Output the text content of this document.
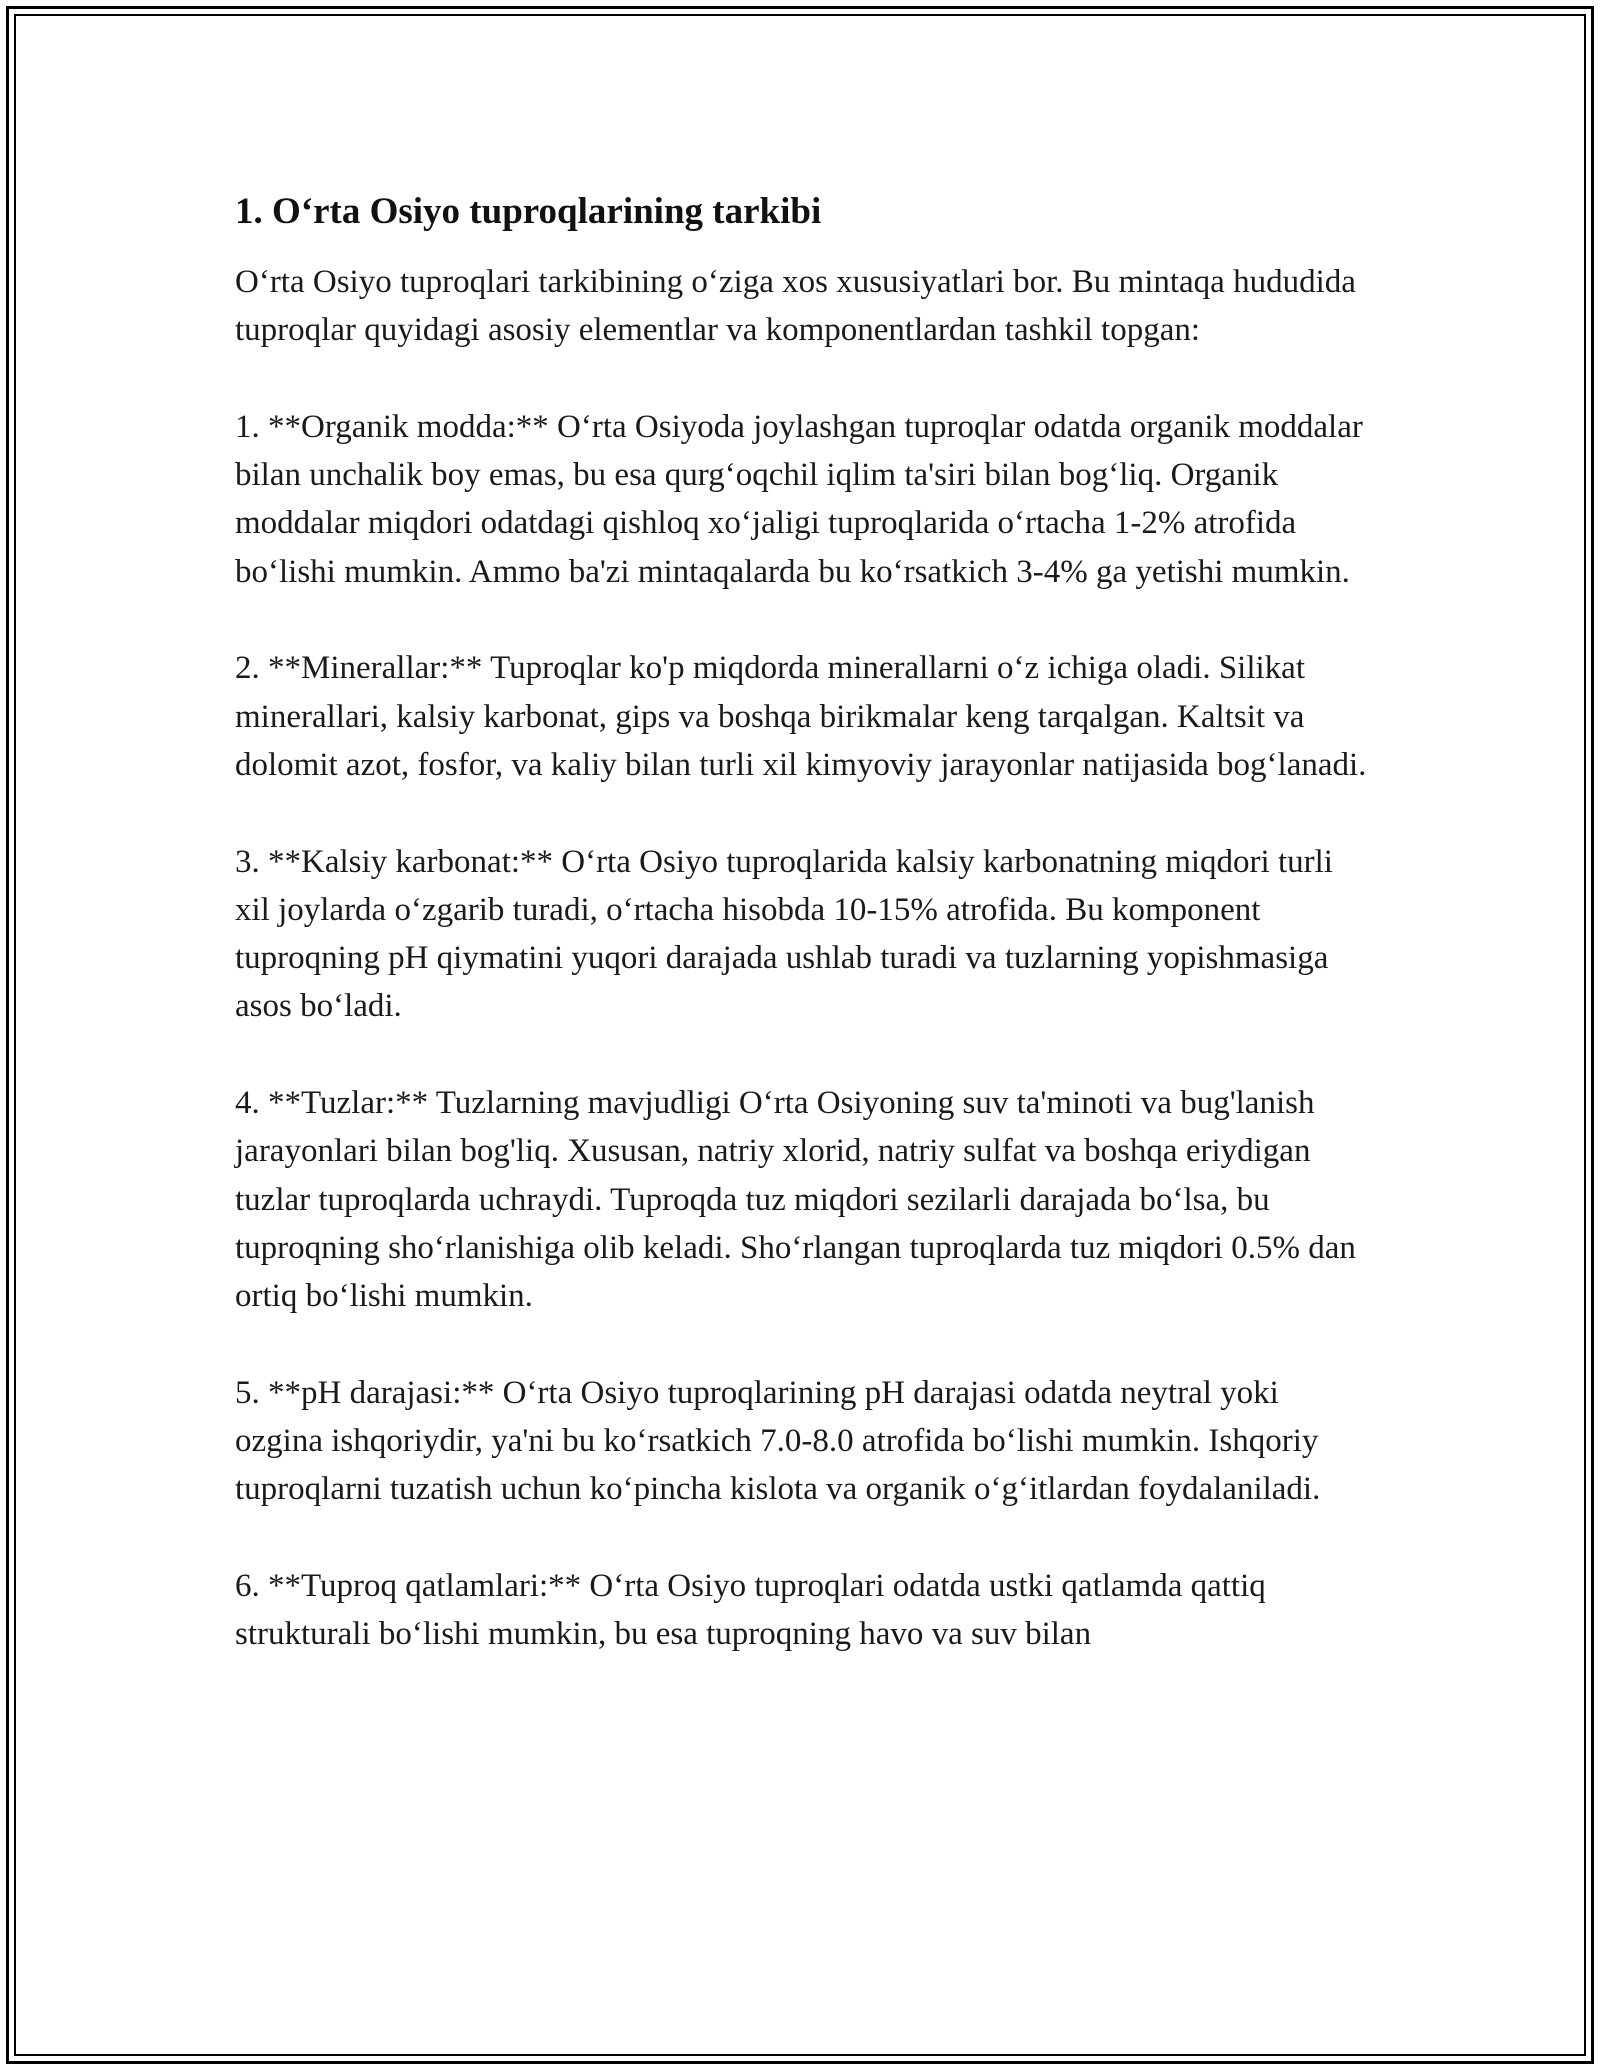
1. Oʻrta Osiyo tuproqlarining tarkibi

Oʻrta Osiyo tuproqlari tarkibining oʻziga xos xususiyatlari bor. Bu mintaqa hududida tuproqlar quyidagi asosiy elementlar va komponentlardan tashkil topgan:

1. **Organik modda:** Oʻrta Osiyoda joylashgan tuproqlar odatda organik moddalar bilan unchalik boy emas, bu esa qurgʻoqchil iqlim ta'siri bilan bogʻliq. Organik moddalar miqdori odatdagi qishloq xoʻjaligi tuproqlarida oʻrtacha 1-2% atrofida boʻlishi mumkin. Ammo ba'zi mintaqalarda bu koʻrsatkich 3-4% ga yetishi mumkin.

2. **Minerallar:** Tuproqlar ko'p miqdorda minerallarni oʻz ichiga oladi. Silikat minerallari, kalsiy karbonat, gips va boshqa birikmalar keng tarqalgan. Kaltsit va dolomit azot, fosfor, va kaliy bilan turli xil kimyoviy jarayonlar natijasida bogʻlanadi.

3. **Kalsiy karbonat:** Oʻrta Osiyo tuproqlarida kalsiy karbonatning miqdori turli xil joylarda oʻzgarib turadi, oʻrtacha hisobda 10-15% atrofida. Bu komponent tuproqning pH qiymatini yuqori darajada ushlab turadi va tuzlarning yopishmasiga asos boʻladi.

4. **Tuzlar:** Tuzlarning mavjudligi Oʻrta Osiyoning suv ta'minoti va bug'lanish jarayonlari bilan bog'liq. Xususan, natriy xlorid, natriy sulfat va boshqa eriydigan tuzlar tuproqlarda uchraydi. Tuproqda tuz miqdori sezilarli darajada boʻlsa, bu tuproqning shoʻrlanishiga olib keladi. Shoʻrlangan tuproqlarda tuz miqdori 0.5% dan ortiq boʻlishi mumkin.

5. **pH darajasi:** Oʻrta Osiyo tuproqlarining pH darajasi odatda neytral yoki ozgina ishqoriydir, ya'ni bu koʻrsatkich 7.0-8.0 atrofida boʻlishi mumkin. Ishqoriy tuproqlarni tuzatish uchun koʻpincha kislota va organik oʻgʻitlardan foydalaniladi.

6. **Tuproq qatlamlari:** Oʻrta Osiyo tuproqlari odatda ustki qatlamda qattiq strukturali boʻlishi mumkin, bu esa tuproqning havo va suv bilan
